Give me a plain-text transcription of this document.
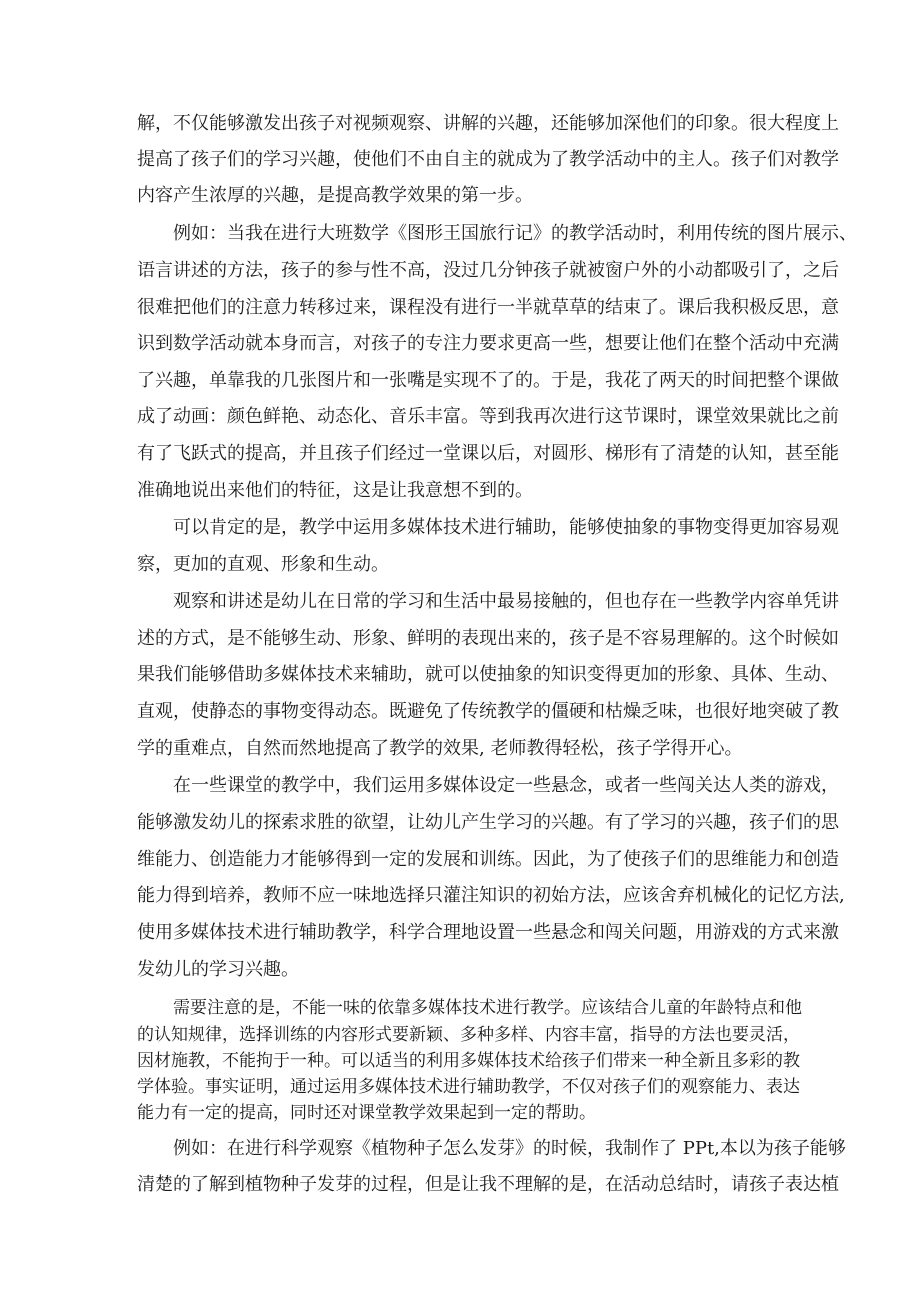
解，不仅能够激发出孩子对视频观察、讲解的兴趣，还能够加深他们的印象。很大程度上
提高了孩子们的学习兴趣，使他们不由自主的就成为了教学活动中的主人。孩子们对教学
内容产生浓厚的兴趣，是提高教学效果的第一步。
例如：当我在进行大班数学《图形王国旅行记》的教学活动时，利用传统的图片展示、
语言讲述的方法，孩子的参与性不高，没过几分钟孩子就被窗户外的小动都吸引了，之后
很难把他们的注意力转移过来，课程没有进行一半就草草的结束了。课后我积极反思，意
识到数学活动就本身而言，对孩子的专注力要求更高一些，想要让他们在整个活动中充满
了兴趣，单靠我的几张图片和一张嘴是实现不了的。于是，我花了两天的时间把整个课做
成了动画：颜色鲜艳、动态化、音乐丰富。等到我再次进行这节课时，课堂效果就比之前
有了飞跃式的提高，并且孩子们经过一堂课以后，对圆形、梯形有了清楚的认知，甚至能
准确地说出来他们的特征，这是让我意想不到的。
可以肯定的是，教学中运用多媒体技术进行辅助，能够使抽象的事物变得更加容易观
察，更加的直观、形象和生动。
观察和讲述是幼儿在日常的学习和生活中最易接触的，但也存在一些教学内容单凭讲
述的方式，是不能够生动、形象、鲜明的表现出来的，孩子是不容易理解的。这个时候如
果我们能够借助多媒体技术来辅助，就可以使抽象的知识变得更加的形象、具体、生动、
直观，使静态的事物变得动态。既避免了传统教学的僵硬和枯燥乏味，也很好地突破了教
学的重难点，自然而然地提高了教学的效果, 老师教得轻松，孩子学得开心。
在一些课堂的教学中，我们运用多媒体设定一些悬念，或者一些闯关达人类的游戏，
能够激发幼儿的探索求胜的欲望，让幼儿产生学习的兴趣。有了学习的兴趣，孩子们的思
维能力、创造能力才能够得到一定的发展和训练。因此，为了使孩子们的思维能力和创造
能力得到培养，教师不应一味地选择只灌注知识的初始方法，应该舍弃机械化的记忆方法,
使用多媒体技术进行辅助教学，科学合理地设置一些悬念和闯关问题，用游戏的方式来激
发幼儿的学习兴趣。
需要注意的是，不能一味的依靠多媒体技术进行教学。应该结合儿童的年龄特点和他
的认知规律，选择训练的内容形式要新颖、多种多样、内容丰富，指导的方法也要灵活，
因材施教，不能拘于一种。可以适当的利用多媒体技术给孩子们带来一种全新且多彩的教
学体验。事实证明，通过运用多媒体技术进行辅助教学，不仅对孩子们的观察能力、表达
能力有一定的提高，同时还对课堂教学效果起到一定的帮助。
例如：在进行科学观察《植物种子怎么发芽》的时候，我制作了 PPt,本以为孩子能够
清楚的了解到植物种子发芽的过程，但是让我不理解的是，在活动总结时，请孩子表达植
